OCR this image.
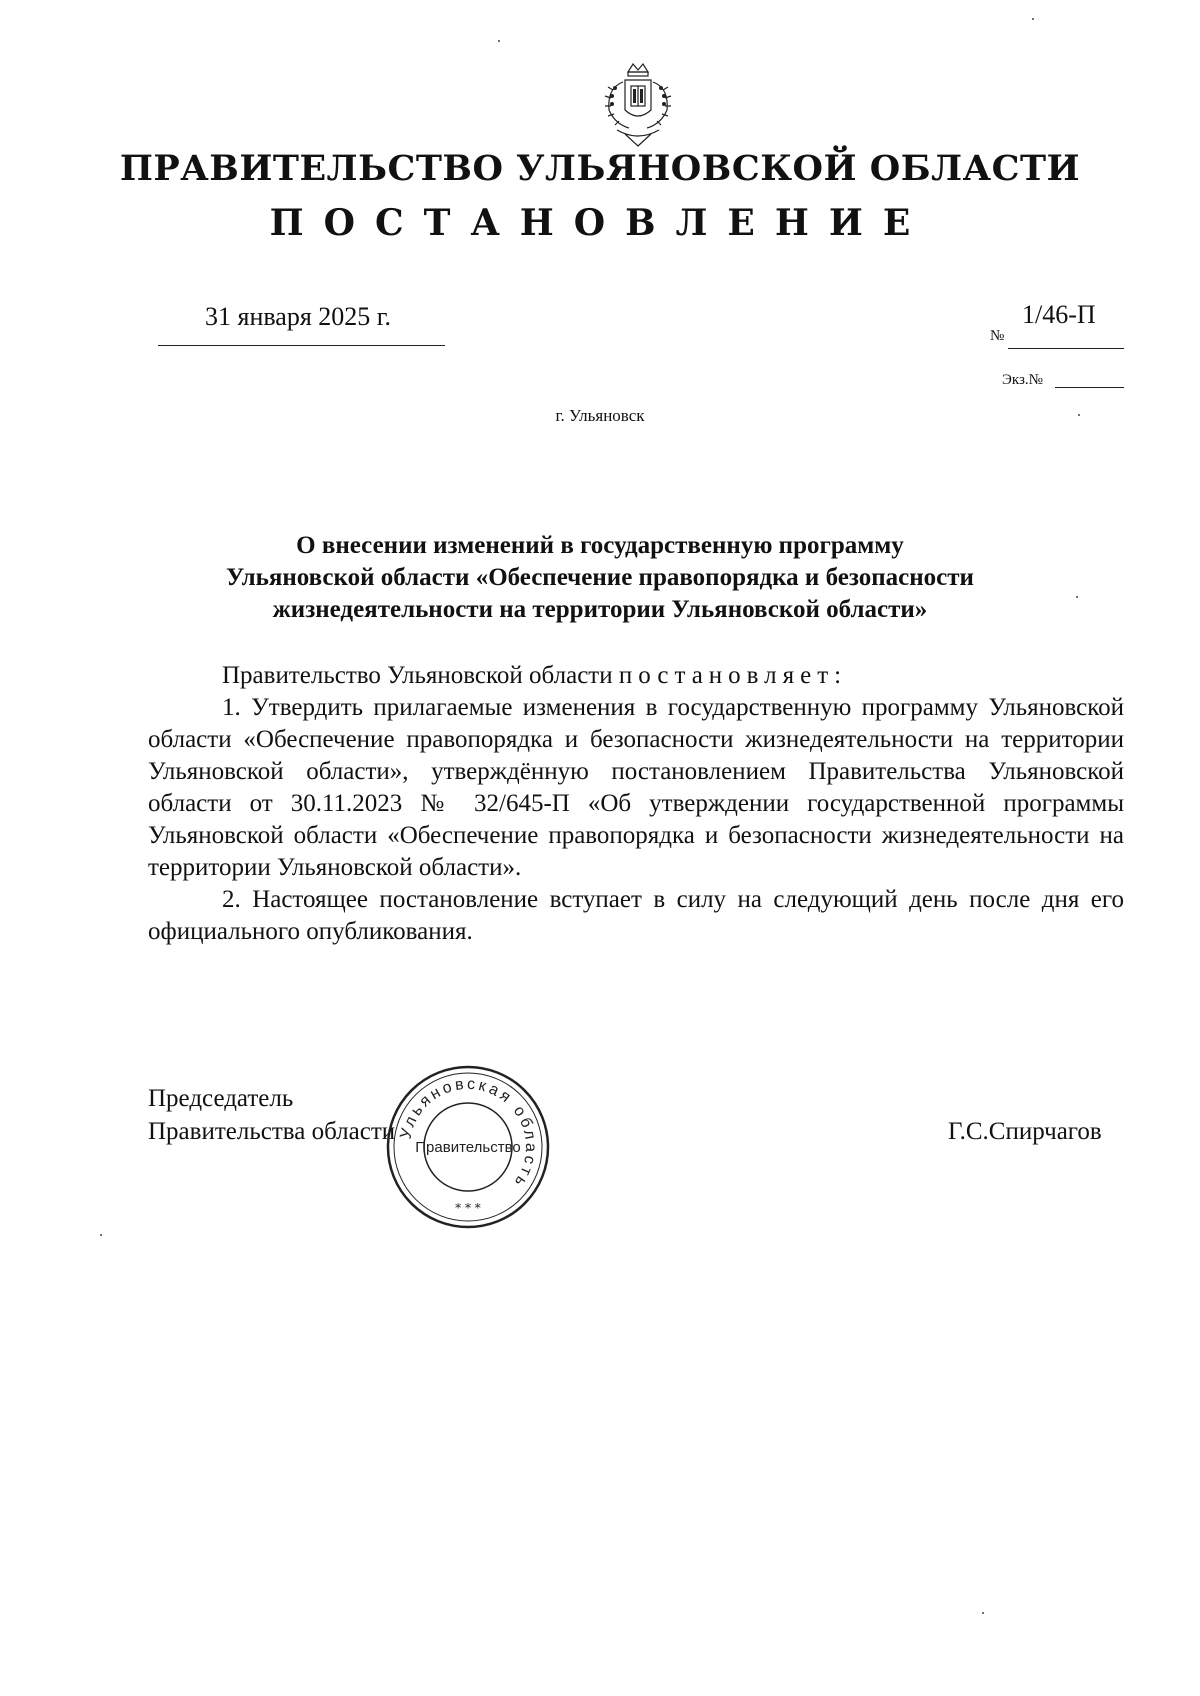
ПРАВИТЕЛЬСТВО УЛЬЯНОВСКОЙ ОБЛАСТИ
ПОСТАНОВЛЕНИЕ
31 января 2025 г.
№
1/46-П
Экз.№
г. Ульяновск
О внесении изменений в государственную программу
Ульяновской области «Обеспечение правопорядка и безопасности
жизнедеятельности на территории Ульяновской области»

Правительство Ульяновской области постановляет:

1. Утвердить прилагаемые изменения в государственную программу Ульяновской области «Обеспечение правопорядка и безопасности жизнедеятельности на территории Ульяновской области», утверждённую постановлением Правительства Ульяновской области от 30.11.2023 № 32/645-П «Об утверждении государственной программы Ульяновской области «Обеспечение правопорядка и безопасности жизнедеятельности на территории Ульяновской области».

2. Настоящее постановление вступает в силу на следующий день после дня его официального опубликования.

Председатель
Правительства области	Г.С.Спирчагов
Ульяновская область
Правительство
* * *
